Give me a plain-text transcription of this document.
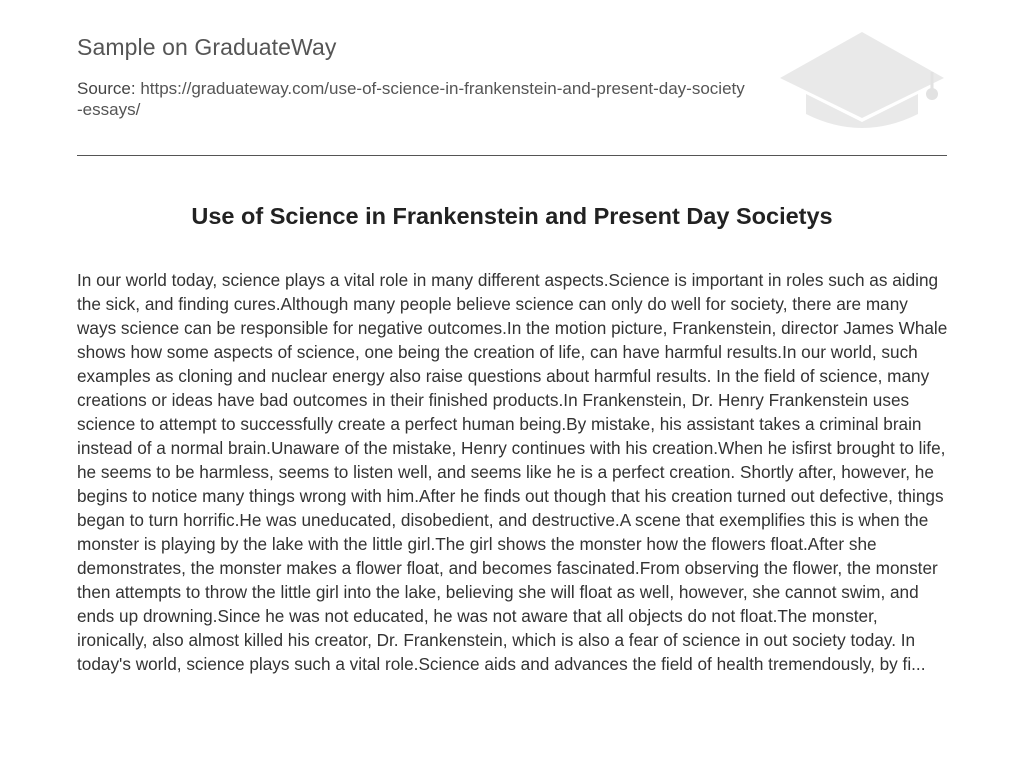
Sample on GraduateWay
Source: https://graduateway.com/use-of-science-in-frankenstein-and-present-day-society-essays/
Use of Science in Frankenstein and Present Day Societys

In our world today, science plays a vital role in many different aspects.Science is important in roles such as aiding the sick, and finding cures.Although many people believe science can only do well for society, there are many ways science can be responsible for negative outcomes.In the motion picture, Frankenstein, director James Whale shows how some aspects of science, one being the creation of life, can have harmful results.In our world, such examples as cloning and nuclear energy also raise questions about harmful results. In the field of science, many creations or ideas have bad outcomes in their finished products.In Frankenstein, Dr. Henry Frankenstein uses science to attempt to successfully create a perfect human being.By mistake, his assistant takes a criminal brain instead of a normal brain.Unaware of the mistake, Henry continues with his creation.When he isfirst brought to life, he seems to be harmless, seems to listen well, and seems like he is a perfect creation. Shortly after, however, he begins to notice many things wrong with him.After he finds out though that his creation turned out defective, things began to turn horrific.He was uneducated, disobedient, and destructive.A scene that exemplifies this is when the monster is playing by the lake with the little girl.The girl shows the monster how the flowers float.After she demonstrates, the monster makes a flower float, and becomes fascinated.From observing the flower, the monster then attempts to throw the little girl into the lake, believing she will float as well, however, she cannot swim, and ends up drowning.Since he was not educated, he was not aware that all objects do not float.The monster, ironically, also almost killed his creator, Dr. Frankenstein, which is also a fear of science in out society today. In today's world, science plays such a vital role.Science aids and advances the field of health tremendously, by fi...
